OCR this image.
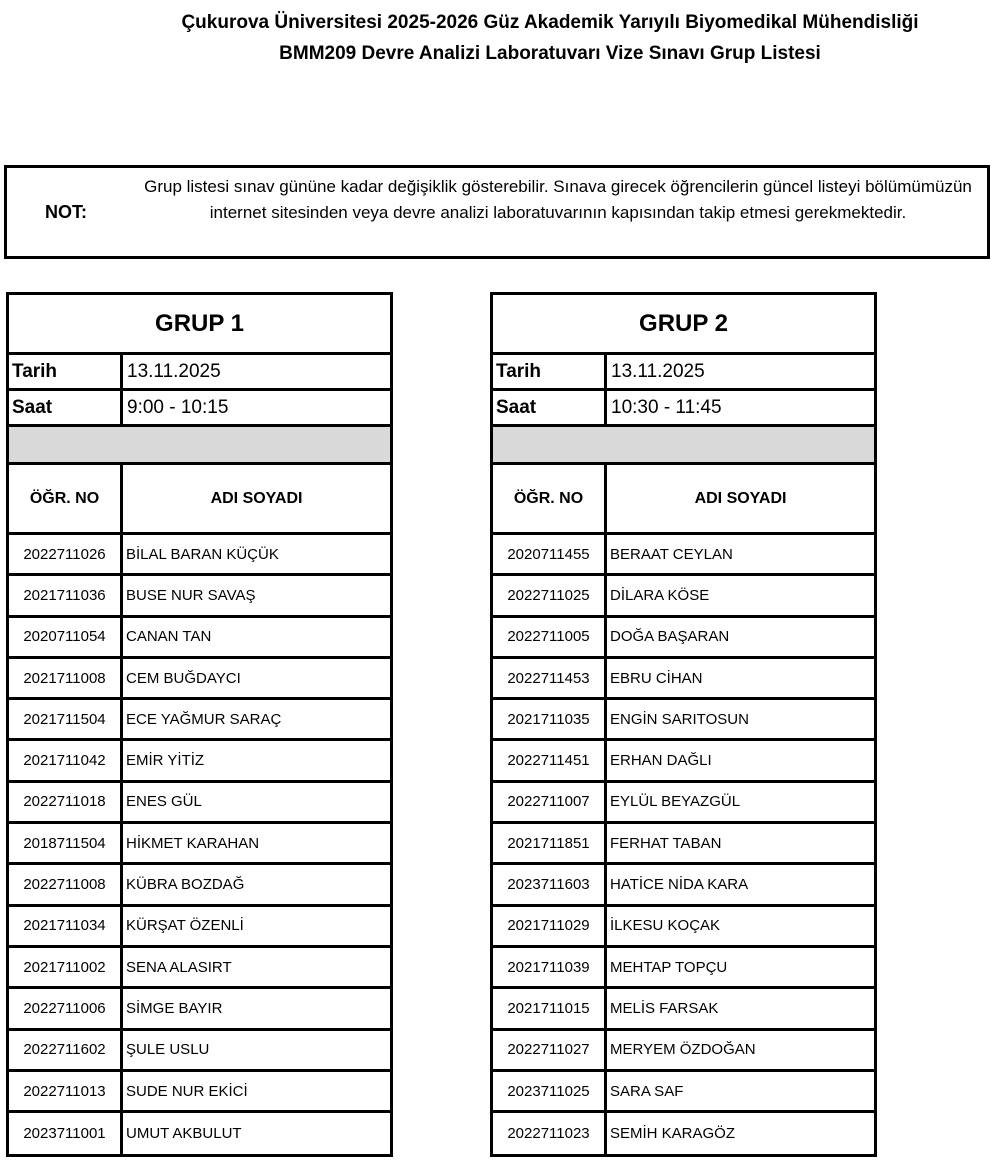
Çukurova Üniversitesi 2025-2026 Güz Akademik Yarıyılı Biyomedikal Mühendisliği
BMM209 Devre Analizi Laboratuvarı Vize Sınavı Grup Listesi
NOT:
Grup listesi sınav gününe kadar değişiklik gösterebilir. Sınava girecek öğrencilerin güncel listeyi bölümümüzün internet sitesinden veya devre analizi laboratuvarının kapısından takip etmesi gerekmektedir.
GRUP 1
Tarih	13.11.2025
Saat	9:00 - 10:15
ÖĞR. NO	ADI SOYADI
2022711026	BİLAL BARAN KÜÇÜK
2021711036	BUSE NUR SAVAŞ
2020711054	CANAN TAN
2021711008	CEM BUĞDAYCI
2021711504	ECE YAĞMUR SARAÇ
2021711042	EMİR YİTİZ
2022711018	ENES GÜL
2018711504	HİKMET KARAHAN
2022711008	KÜBRA BOZDAĞ
2021711034	KÜRŞAT ÖZENLİ
2021711002	SENA ALASIRT
2022711006	SİMGE BAYIR
2022711602	ŞULE USLU
2022711013	SUDE NUR EKİCİ
2023711001	UMUT AKBULUT
GRUP 2
Tarih	13.11.2025
Saat	10:30 - 11:45
ÖĞR. NO	ADI SOYADI
2020711455	BERAAT CEYLAN
2022711025	DİLARA KÖSE
2022711005	DOĞA BAŞARAN
2022711453	EBRU CİHAN
2021711035	ENGİN SARITOSUN
2022711451	ERHAN DAĞLI
2022711007	EYLÜL BEYAZGÜL
2021711851	FERHAT TABAN
2023711603	HATİCE NİDA KARA
2021711029	İLKESU KOÇAK
2021711039	MEHTAP TOPÇU
2021711015	MELİS FARSAK
2022711027	MERYEM ÖZDOĞAN
2023711025	SARA SAF
2022711023	SEMİH KARAGÖZ
